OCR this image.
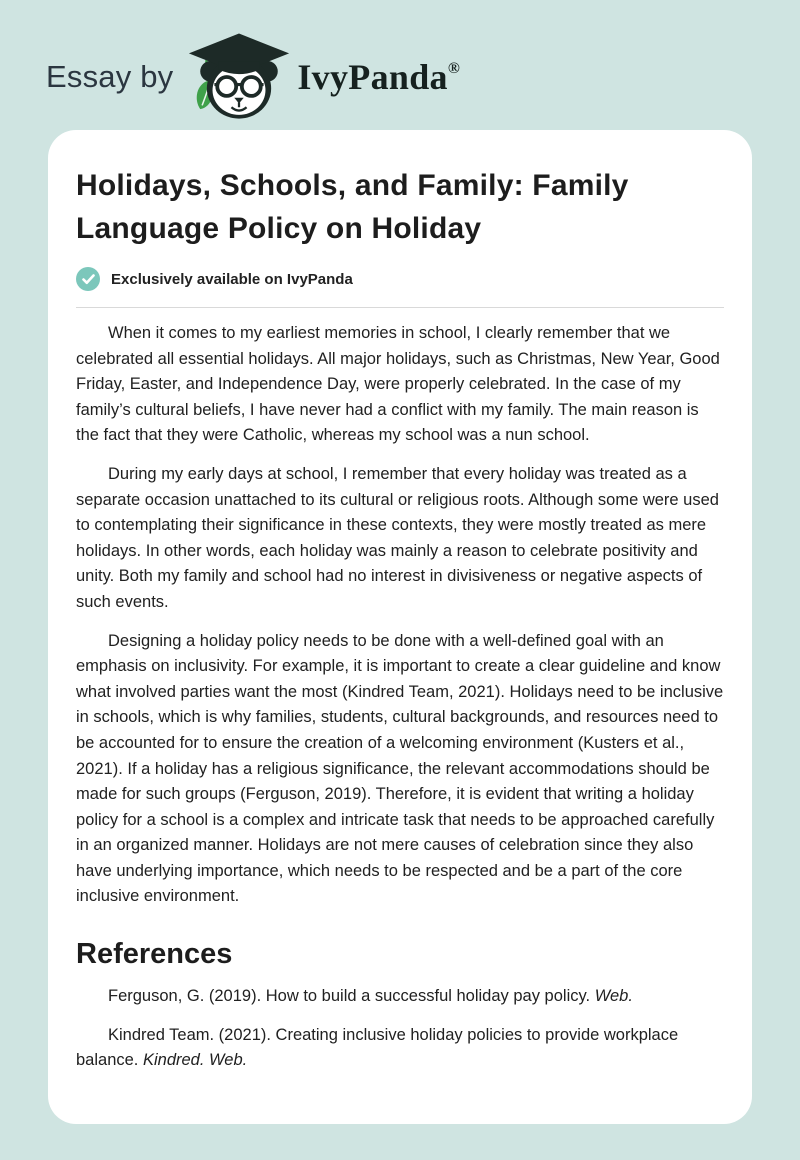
Essay by	IvyPanda®
Holidays, Schools, and Family: Family Language Policy on Holiday
Exclusively available on IvyPanda

When it comes to my earliest memories in school, I clearly remember that we celebrated all essential holidays. All major holidays, such as Christmas, New Year, Good Friday, Easter, and Independence Day, were properly celebrated. In the case of my family’s cultural beliefs, I have never had a conflict with my family. The main reason is the fact that they were Catholic, whereas my school was a nun school.

During my early days at school, I remember that every holiday was treated as a separate occasion unattached to its cultural or religious roots. Although some were used to contemplating their significance in these contexts, they were mostly treated as mere holidays. In other words, each holiday was mainly a reason to celebrate positivity and unity. Both my family and school had no interest in divisiveness or negative aspects of such events.

Designing a holiday policy needs to be done with a well-defined goal with an emphasis on inclusivity. For example, it is important to create a clear guideline and know what involved parties want the most (Kindred Team, 2021). Holidays need to be inclusive in schools, which is why families, students, cultural backgrounds, and resources need to be accounted for to ensure the creation of a welcoming environment (Kusters et al., 2021). If a holiday has a religious significance, the relevant accommodations should be made for such groups (Ferguson, 2019). Therefore, it is evident that writing a holiday policy for a school is a complex and intricate task that needs to be approached carefully in an organized manner. Holidays are not mere causes of celebration since they also have underlying importance, which needs to be respected and be a part of the core inclusive environment.

References

Ferguson, G. (2019). How to build a successful holiday pay policy. Web.

Kindred Team. (2021). Creating inclusive holiday policies to provide workplace balance. Kindred. Web.
